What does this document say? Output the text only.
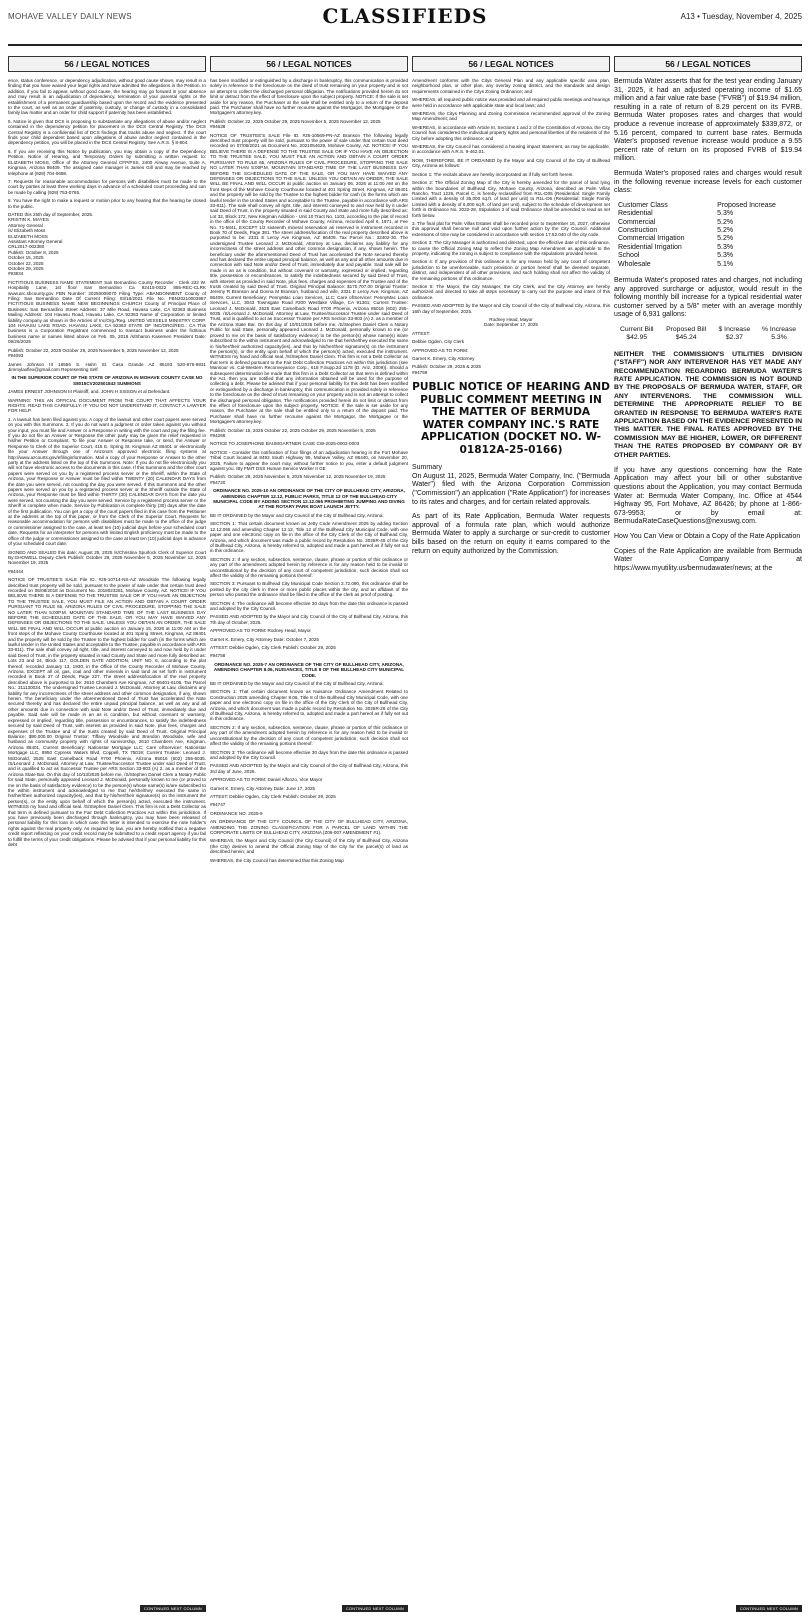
MOHAVE VALLEY DAILY NEWS	CLASSIFIEDS	A13 • Tuesday, November 4, 2025
56 / LEGAL NOTICES

ence, status conference, or dependency adjudication, without good cause shown, may result in a finding that you have waived your legal rights and have admitted the allegations in the Petition. In addition, if you fail to appear, without good cause, the hearing may go forward in your absence and may result in an adjudication of dependency, termination of your parental rights or the establishment of a permanent guardianship based upon the record and the evidence presented to the court, as well as an order of paternity, custody, or change of custody in a consolidated family law matter and an order for child support if paternity has been established.

5. Notice is given that DCS is proposing to substantiate any allegations of abuse and/or neglect contained in the dependency petition for placement in the DCS Central Registry. The DCS Central Registry is a confidential list of DCS findings that tracks abuse and neglect. If the court finds your child dependent based upon allegations of abuse and/or neglect contained in the dependency petition, you will be placed in the DCS Central Registry. See A.R.S. § 8-804.

6. If you are receiving this Notice by publication, you may obtain a copy of the Dependency Petition, Notice of Hearing, and Temporary Orders by submitting a written request to: ELIZABETH MOSS, Office of the Attorney General CFP/PSS, 2400 Airway Avenue, Suite A, Kingman, Arizona 86409. The assigned case manager is James Gill and may be reached by telephone at (928) 704-0688.

7. Requests for reasonable accommodation for persons with disabilities must be made to the court by parties at least three working days in advance of a scheduled court proceeding and can be made by calling (928) 753-0765.

8. You have the right to make a request or motion prior to any hearing that the hearing be closed to the public.

DATED this 25th day of September, 2025.
KRISTIN K. MAYES
Attorney General
/s/ Elizabeth Moss
ELIZABETH MOSS
Assistant Attorney General
CRL2017-002380
Publish: October 8, 2025
October 15, 2025
October 22, 2025
October 29, 2025

#93834

FICTITIOUS BUSINESS NAME STATEMENT San Bernardino County Recorder - Clerk 222 W. Hospitality Lane, 1st floor San Bernardino Ca 92415-0022 855-REC-CLRK www.arc.sbcounty.gov FBN Number: 20250009070 Filing Type: ABANDONMENT County of Filing: San Bernardino Date Of Current Filing: 03/16/2021 File No. FBN20210003987 FICTITIOUS BUSINESS NAME NEW BEGINNINGS CHURCH County of Principal Place of Business: San Bernardino Street Address: 37 Mile Road, Havasu Lake, CA 92363 Business Mailing Address: 104 Havasu Road, Havasu Lake, CA 92363 Name of Corporation or limited liability company as shown in the Articles of Inc/Org./Reg. UNITED VESSELS MINISTRY CORP. 104 HAVASU LAKE ROAD, HAVASU LAKE, CA 92363 STATE OF INC/ORG/REG.: CA This business is a Corporation Registrant commenced to transact business under the fictitious business name or names listed above on Feb. 05, 2016 /s/Sharon Kasemen President Date: 09/26/2025

Publish: October 22, 2025 October 29, 2025 November 5, 2025 November 12, 2025

#94093

James Johnson III 16556 S. Hahn St. Casa Grande AZ 85193 520-876-9831 Jimmylaxflex@gmail.com Representing Self

IN THE SUPERIOR COURT OF THE STATE OF ARIZONA IN MOHAVE COUNTY CASE NO S8015CV202501843 SUMMONS

JAMES ERNEST JOHNSON III Plaintiff, and. JOHN H SISSON et al Defendant.

WARNING: THIS AN OFFICIAL DOCUMENT FROM THE COURT THAT AFFECTS YOUR RIGHTS. READ THIS CAREFULLY. IF YOU DO NOT UNDERSTAND IT, CONTACT A LAWYER FOR HELP.

1. A lawsuit has been filed against you. A copy of the lawsuit and other court papers were served on you with this Summons. 2. If you do not want a judgment or order taken against you without your input, you must file and Answer or a Response in writing with the court and pay the filing fee. If you do not file an Answer or Response the other party may be given the relief requested in his/her Petition or Complaint. To file your Answer or Response take, or send, the Answer or Response to Clerk of the Superior Court, 415 E. Spring St. Kingman AZ 86401 or electronically file your Answer through one of Arizona's approved electronic filing systems at http://www.azcourts.gov/efilinginformation. Mail a copy of your Response or Answer to the other party at the address listed on the top of this Summons. Note: If you do not file electronically you will not have electronic access to the documents in this case. If this Summons and the other court papers were served on you by a registered process server or the Sheriff, within the State of Arizona, your Response or Answer must be filed within TWENTY (20) CALENDAR DAYS from the date you were served, not counting the day you were served. If this Summons and the other papers were served on you by a registered process server or the Sheriff outside the State of Arizona, your Response must be filed within THIRTY (30) CALENDAR DAYS from the date you were served, not counting the day you were served. Service by a registered process server or the Sheriff is complete when made. Service by Publication is complete thirty (30) days after the date of the first publication. You can get a copy of the court papers filed in this case from the Petitioner at the address at the top of this paper, or from the Clerk of the Superior Court. Requests for reasonable accommodation for persons with disabilities must be made to the office of the judge or commissioner assigned to the case, at least ten (10) judicial days before your scheduled court date. Requests for an interpreter for persons with limited English proficiency must be made to the office of the judge or commissioner assigned to the case at least ten (10) judicial days in advance of your scheduled court date.

SIGNED AND SEALED this date: August 25, 2025 /s/Christina Spurlock Clerk of Superior Court By:GHOWELL Deputy Clerk Publish: October 29, 2025 November 5, 2025 November 12, 2025 November 19, 2025

#94444

NOTICE OF TRUSTEE'S SALE File ID. #25-10714-NS-AZ Woodside The following legally described trust property will be sold, pursuant to the power of sale under that certain trust deed recorded on 05/08/2018 as Document No. 2018023281, Mohave County, AZ. NOTICE! IF YOU BELIEVE THERE IS A DEFENSE TO THE TRUSTEE SALE OR IF YOU HAVE AN OBJECTION TO THE TRUSTEE SALE, YOU MUST FILE AN ACTION AND OBTAIN A COURT ORDER PURSUANT TO RULE 65, ARIZONA RULES OF CIVIL PROCEDURE, STOPPING THE SALE NO LATER THAN 5:00P.M. MOUNTAIN STANDARD TIME OF THE LAST BUSINESS DAY BEFORE THE SCHEDULED DATE OF THE SALE, OR YOU MAY HAVE WAIVED ANY DEFENSES OR OBJECTIONS TO THE SALE. UNLESS YOU OBTAIN AN ORDER, THE SALE WILL BE FINAL AND WILL OCCUR at public auction on January 15, 2026 at 11:00 AM on the front steps of the Mohave County Courthouse located at 401 Spring Street, Kingman, AZ 86401 and the property will be sold by the Trustee to the highest bidder for cash (in the forms which are lawful tender in the United States and acceptable to the Trustee, payable in accordance with ARS 33-811). The sale shall convey all right, title, and interest conveyed to and now held by it under said Deed of Trust, in the property situated in said County and State and more fully described as: Lots 23 and 24, Block 117, GOLDEN GATE ADDITION, UNIT NO. 6, according to the plat thereof, recorded January 13, 1930, in the Office of the County Recorder of Mohave County, Arizona. EXCEPT all oil, gas, coal and other minerals in said land as set forth in instrument recorded in Book 37 of Deeds, Page 227. The street address/location of the real property described above is purported to be: 2610 Chambers Ave Kingman, AZ 86401-6106. Tax Parcel No.: 311130034. The undersigned Trustee Leonard J. McDonald, Attorney at Law, disclaims any liability for any incorrectness of the street address and other common designation, if any, shown herein. The beneficiary under the aforementioned Deed of Trust has accelerated the Note secured thereby and has declared the entire unpaid principal balance, as well as any and all other amounts due in connection with said Note and/or Deed of Trust, immediately due and payable. Said sale will be made in an as is condition, but without covenant or warranty, expressed or implied, regarding title, possession or encumbrances, to satisfy the indebtedness secured by said Deed of Trust, with interest as provided in said Note, plus fees, charges and expenses of the Trustee and of the trusts created by said Deed of Trust. Original Principal Balance: $90,000.00 Original Trustor: Tiffany Woodside and Brandon Woodside, wife and husband as community property with rights of survivorship, 2610 Chambers Ave, Kingman, Arizona 86401, Current Beneficiary: Nationstar Mortgage LLC; Care of/Servicer: Nationstar Mortgage LLC, 8950 Cypress Waters Blvd, Coppell, TX 75019; Current Trustee: Leonard J. McDonald, 2525 East Camelback Road #700 Phoenix, Arizona 85016 (602) 255-6035. /S/Leonard J. McDonald, Attorney at Law, Trustee/Successor Trustee under said Deed of Trust, and is qualified to act as Successor Trustee per ARS Section 33-803 (A) 2. as a member of the Arizona State Bar. On this day of 10/13/2025 before me, /S/Stephen Daniel Clem a Notary Public for said State, personally appeared Leonard J. McDonald, personally known to me (or proved to me on the basis of satisfactory evidence) to be the person(s) whose name(s) is/are subscribed to the within instrument and acknowledged to me that he/she/they executed the same in his/her/their authorized capacity(ies), and that by his/her/their signature(s) on the instrument the person(s), or the entity upon behalf of which the person(s) acted, executed the instrument. WITNESS my hand and official seal. /S/Stephen Daniel Clem. This firm is not a Debt Collector as that term is defined pursuant to the Fair Debt Collection Practices Act within this jurisdiction. If you have previously been discharged through bankruptcy, you may have been released of personal liability for this loan in which case this letter is intended to exercise the note holder's rights against the real property only. As required by law, you are hereby notified that a negative credit report reflecting on your credit record may be submitted to a credit report agency if you fail to fulfill the terms of your credit obligations. Please be advised that if your personal liability for this debt

CONTINUED NEXT COLUMN
56 / LEGAL NOTICES

has been modified or extinguished by a discharge in bankruptcy, this communication is provided solely in reference to the foreclosure on the deed of trust remaining on your property and is not an attempt to collect the discharged personal obligation. The notifications provided herein do not limit or detract from the effect of foreclosure upon the subject property. NOTICE: If the sale is set aside for any reason, the Purchaser at the sale shall be entitled only to a return of the deposit paid. The Purchaser shall have no further recourse against the Mortgagor, the Mortgagee or the Mortgagee's attorney.key.

Publish: October 22, 2025 October 29, 2025 November 5, 2025 November 12, 2025

#94638

NOTICE OF TRUSTEE'S SALE File ID. #25-10569-PN-AZ Branson The following legally described trust property will be sold, pursuant to the power of sale under that certain trust deed recorded on 07/06/2021 as Document No. 2021054629, Mohave County, AZ. NOTICE! IF YOU BELIEVE THERE IS A DEFENSE TO THE TRUSTEE SALE OR IF YOU HAVE AN OBJECTION TO THE TRUSTEE SALE, YOU MUST FILE AN ACTION AND OBTAIN A COURT ORDER PURSUANT TO RULE 65, ARIZONA RULES OF CIVIL PROCEDURE, STOPPING THE SALE NO LATER THAN 5:00P.M. MOUNTAIN STANDARD TIME OF THE LAST BUSINESS DAY BEFORE THE SCHEDULED DATE OF THE SALE, OR YOU MAY HAVE WAIVED ANY DEFENSES OR OBJECTIONS TO THE SALE. UNLESS YOU OBTAIN AN ORDER, THE SALE WILL BE FINAL AND WILL OCCUR at public auction on January 06, 2026 at 11:00 AM on the front steps of the Mohave County Courthouse located at 401 Spring Street, Kingman, AZ 86401 and the property will be sold by the Trustee to the highest bidder for cash (in the forms which are lawful tender in the United States and acceptable to the Trustee, payable in accordance with ARS 33-811). The sale shall convey all right, title, and interest conveyed to and now held by it under said Deed of Trust, in the property situated in said County and State and more fully described as: Lot 32, Block 172, New Kingman Addition - Unit 10 Tract No. 1103, according to the plat of record in the office of the County Recorder of Mohave County, Arizona, recorded April 6, 1971, at Fee No. 71-5841, EXCEPT 1/2 sixteenth mineral reservation as reserved in instrument recorded in Book 70 of Deeds, Page 381. The street address/location of the real property described above is purported to be: 2331 E Leroy Ave Kingman, AZ 86409. Tax Parcel No.: 32402-30. The undersigned Trustee Leonard J. McDonald, Attorney at Law, disclaims any liability for any incorrectness of the street address and other common designation, if any, shown herein. The beneficiary under the aforementioned Deed of Trust has accelerated the Note secured thereby and has declared the entire unpaid principal balance, as well as any and all other amounts due in connection with said Note and/or Deed of Trust, immediately due and payable. Said sale will be made in an as is condition, but without covenant or warranty, expressed or implied, regarding title, possession or encumbrances, to satisfy the indebtedness secured by said Deed of Trust, with interest as provided in said Note, plus fees, charges and expenses of the Trustee and of the trusts created by said Deed of Trust. Original Principal Balance: $170,707.00 Original Trustor: Jeremy R Branson and Donna M Branson, husband and wife, 2331 E Leroy Ave, Kingman, AZ 86409. Current Beneficiary: PennyMac Loan Services, LLC; Care of/Servicer: PennyMac Loan Services, LLC, 3043 Townsgate Road #200 Westlake Village, CA 91361; Current Trustee: Leonard J. McDonald, 2525 East Camelback Road #700 Phoenix, Arizona 85016 (602) 255-6035. /S/Leonard J. McDonald, Attorney at Law, Trustee/Successor Trustee under said Deed of Trust, and is qualified to act as Successor Trustee per ARS Section 33-803 (A) 2. as a member of the Arizona State Bar. On this day of 10/01/2025 before me, /S/Stephen Daniel Clem a Notary Public for said State, personally appeared Leonard J. McDonald, personally known to me (or proved to me on the basis of satisfactory evidence) to be the person(s) whose name(s) is/are subscribed to the within instrument and acknowledged to me that he/she/they executed the same in his/her/their authorized capacity(ies), and that by his/her/their signature(s) on the instrument the person(s), or the entity upon behalf of which the person(s) acted, executed the instrument. WITNESS my hand and official seal. /S/Stephen Daniel Clem. This firm is not a Debt Collector as that term is defined pursuant to the Fair Debt Collection Practices Act within this jurisdiction (see Mansour vs. Cal-Western Reconveyance Corp., 618 F.Supp.2d 1178 (D. Ariz. 2009)). Should a subsequent determination be made that this firm is a Debt Collector as that term is defined within the Act, then you are notified that any information obtained will be used for the purpose of collecting a debt. Please be advised that if your personal liability for this debt has been modified or extinguished by a discharge in bankruptcy, this communication is provided solely in reference to the foreclosure on the deed of trust remaining on your property and is not an attempt to collect the discharged personal obligation. The notifications provided herein do not limit or detract from the effect of foreclosure upon the subject property. NOTICE: If the sale is set aside for any reason, the Purchaser at the sale shall be entitled only to a return of the deposit paid. The Purchaser shall have no further recourse against the Mortgagor, the Mortgagee or the Mortgagee's attorney.key.

Publish: October 15, 2025 October 22, 2025 October 29, 2025 November 5, 2025

#94266

NOTICE TO JOSEPHONE BAUMGARTNER CASE CW-2025-0002-0003

NOTICE - Consider this notification of four filings of an adjudication hearing in the Fort Mohave Tribal Court located at 8492 South Highway 95, Mohave Valley, AZ 86440, on November 20, 2025. Failure to appear the court may, without further notice to you, enter a default judgment against you. /By FMIT DSS Human Service Worker II GE

Publish: October 29, 2025 November 5, 2025 November 12, 2025 November 19, 2025

#94720

ORDINANCE NO. 2025-10 AN ORDINANCE OF THE CITY OF BULLHEAD CITY, ARIZONA, AMENDING CHAPTER 12.12, PUBLIC PARKS, TITLE 12 OF THE BULLHEAD CITY MUNICIPAL CODE BY ADDING SECTION 12.12.065 PROHIBITING JUMPING AND DIVING AT THE ROTARY PARK BOAT LAUNCH JETTY.

BE IT ORDAINED by the Mayor and City Council of the City of Bullhead City, Arizona:

SECTION 1: That certain document known as Jetty Code Amendment 2025 by adding Section 12.12.065 and amending Chapter 12.12, Title 12 of the Bullhead City Municipal Code, with one paper and one electronic copy on file in the office of the City Clerk of the City of Bullhead City, Arizona, and which document was made a public record by Resolution No. 2025R-45 of the City of Bullhead City, Arizona, is hereby referred to, adopted and made a part hereof as if fully set out in this ordinance.

SECTION 2: If any section, subsection, sentence, clause, phrase or portion of this ordinance or any part of the amendment adopted herein by reference is for any reason held to be invalid or unconstitutional by the decision of any court of competent jurisdiction, such decision shall not affect the validity of the remaining portions thereof.

SECTION 3: Pursuant to Bullhead City Municipal Code Section 2.72.090, this ordinance shall be posted by the city clerk in three or more public places within the city, and an affidavit of the person who posted the ordinance shall be filed in the office of the clerk as proof of posting.

SECTION 4: The ordinance will become effective 30 days from the date this ordinance is passed and adopted by the City Council.

PASSED AND ADOPTED by the Mayor and City Council of the City of Bullhead City, Arizona, this 7th day of October, 2025.

APPROVED AS TO FORM: Rodney Head, Mayor

Garnet K. Emery, City Attorney Date: October 7, 2025

ATTEST: Debbie Ogden, City Clerk Publish: October 29, 2025

#94758

ORDINANCE NO. 2025-7 AN ORDINANCE OF THE CITY OF BULLHEAD CITY, ARIZONA, AMENDING CHAPTER 8.06, NUISANCES, TITLE 8 OF THE BULLHEAD CITY MUNICIPAL CODE.

BE IT ORDAINED by the Mayor and City Council of the City of Bullhead City, Arizona:

SECTION 1: That certain document known as Nuisance Ordinance Amendment Related to Construction 2025 amending Chapter 8.06, Title 8 of the Bullhead City Municipal Code, with one paper and one electronic copy on file in the office of the City Clerk of the City of Bullhead City, Arizona, and which document was made a public record by Resolution No. 2025R-26 of the City of Bullhead City, Arizona, is hereby referred to, adopted and made a part hereof as if fully set out in this ordinance.

SECTION 2: If any section, subsection, sentence, clause, phrase or portion of this ordinance or any part of the amendment adopted herein by reference is for any reason held to be invalid or unconstitutional by the decision of any court of competent jurisdiction, such decision shall not affect the validity of the remaining portions thereof.

SECTION 3: The ordinance will become effective 30 days from the date this ordinance is passed and adopted by the City Council.

PASSED AND ADOPTED by the Mayor and City Council of the City of Bullhead City, Arizona, this 3rd day of June, 2025.

APPROVED AS TO FORM: Daniel Alfonzo, Vice Mayor

Garnet K. Emery, City Attorney Date: June 17, 2025

ATTEST: Debbie Ogden, City Clerk Publish: October 29, 2025

#94747

ORDINANCE NO. 2025-9

AN ORDINANCE OF THE CITY COUNCIL OF THE CITY OF BULLHEAD CITY, ARIZONA, AMENDING THE ZONING CLASSIFICATION FOR A PARCEL OF LAND WITHIN THE CORPORATE LIMITS OF BULLHEAD CITY, ARIZONA (Z06-007 AMENDMENT #1).

WHEREAS, the Mayor and City Council (the City Council) of the City of Bullhead City, Arizona (the City) desires to amend the Official Zoning Map of the City for the parcel(s) of land as described herein; and

WHEREAS, the City Council has determined that this Zoning Map

CONTINUED NEXT COLUMN
56 / LEGAL NOTICES

Amendment conforms with the Citys General Plan and any applicable specific area plan, neighborhood plan, or other plan, any overlay zoning district, and the standards and design requirements contained in the Citys Zoning Ordinance; and

WHEREAS, all required public notice was provided and all required public meetings and hearings were held in accordance with applicable state and local laws; and

WHEREAS, the Citys Planning and Zoning Commission recommended approval of the Zoning Map Amendment; and

WHEREAS, in accordance with Article III, Sections 1 and 2 of the Constitution of Arizona, the City Council has considered the individual property rights and personal liberties of the residents of the City before adopting this ordinance; and

WHEREAS, the City Council has considered a housing impact statement, as may be applicable, in accordance with A.R.S. 9-462.01.

NOW, THEREFORE, BE IT ORDAINED by the Mayor and City Council of the City of Bullhead City, Arizona as follows:

Section 1: The recitals above are hereby incorporated as if fully set forth herein.

Section 2: The Official Zoning Map of the City is hereby amended for the parcel of land lying within the boundaries of Bullhead City, Mohave County, Arizona, described as Palm Villas Rancho, Tract 1226, Parcel C, is hereby reclassified from R1L-D05 (Residential: Single Family Limited with a density of 35,000 sq.ft. of land per unit) to R1L-D6 (Residential: Single Family Limited with a density of 6,000 sq.ft. of land per unit), subject to the schedule of development set forth in Ordinance No. 2022-28, Stipulation 3 of said Ordinance shall be amended to read as set forth below.

3. The final plat for Palm Villas Estates shall be recorded prior to September 16, 2027, otherwise this approval shall become null and void upon further action by the City Council. Additional extensions of time may be considered in accordance with section 17.52.040 of the city code.

Section 3: The City Manager is authorized and directed, upon the effective date of this ordinance, to cause the Official Zoning Map to reflect the Zoning Map Amendment as applicable to the property, indicating the zoning is subject to compliance with the stipulations provided herein.

Section 4: If any provision of this ordinance is for any reason held by any court of competent jurisdiction to be unenforceable, such provision or portion hereof shall be deemed separate, distinct, and independent of all other provisions, and such holding shall not affect the validity of the remaining portions of this ordinance.

Section 5: The Mayor, the City Manager, the City Clerk, and the City Attorney are hereby authorized and directed to take all steps necessary to carry out the purpose and intent of this ordinance.

PASSED AND ADOPTED by the Mayor and City Council of the City of Bullhead City, Arizona, this 16th day of September, 2025.

Rodney Head, Mayor
Date: September 17, 2025

ATTEST:

Debbie Ogden, City Clerk

APPROVED AS TO FORM:

Garnet K. Emery, City Attorney

Publish: October 29, 2025 & 2025

#94759

PUBLIC NOTICE OF HEARING AND PUBLIC COMMENT MEETING IN THE MATTER OF BERMUDA WATER COMPANY INC.'S RATE APPLICATION (DOCKET NO. W-01812A-25-0166)
Summary

On August 11, 2025, Bermuda Water Company, Inc. ("Bermuda Water") filed with the Arizona Corporation Commission ("Commission") an application ("Rate Application") for increases to its rates and charges, and for certain related approvals.

As part of its Rate Application, Bermuda Water requests approval of a formula rate plan, which would authorize Bermuda Water to apply a surcharge or sur-credit to customer bills based on the return on equity it earns compared to the return on equity authorized by the Commission.

56 / LEGAL NOTICES

Bermuda Water asserts that for the test year ending January 31, 2025, it had an adjusted operating income of $1.65 million and a fair value rate base ("FVRB") of $19.94 million, resulting in a rate of return of 8.29 percent on its FVRB. Bermuda Water proposes rates and charges that would produce a revenue increase of approximately $339,872, or 5.16 percent, compared to current base rates. Bermuda Water's proposed revenue increase would produce a 9.55 percent rate of return on its proposed FVRB of $19.94 million.

Bermuda Water's proposed rates and charges would result in the following revenue increase levels for each customer class:

Customer Class	Proposed Increase
Residential	5.3%
Commercial	5.2%
Construction	5.2%
Commercial Irrigation	5.2%
Residential Irrigation	5.3%
School	5.3%
Wholesale	5.1%

Bermuda Water's proposed rates and charges, not including any approved surcharge or adjustor, would result in the following monthly bill increase for a typical residential water customer served by a 5/8" meter with an average monthly usage of 6,931 gallons:

Current Bill	Proposed Bill	$ Increase	% Increase
$42.95	$45.24	$2.37	5.3%

NEITHER THE COMMISSION'S UTILITIES DIVISION ("STAFF") NOR ANY INTERVENOR HAS YET MADE ANY RECOMMENDATION REGARDING BERMUDA WATER'S RATE APPLICATION. THE COMMISSION IS NOT BOUND BY THE PROPOSALS OF BERMUDA WATER, STAFF, OR ANY INTERVENORS. THE COMMISSION WILL DETERMINE THE APPROPRIATE RELIEF TO BE GRANTED IN RESPONSE TO BERMUDA WATER'S RATE APPLICATION BASED ON THE EVIDENCE PRESENTED IN THIS MATTER. THE FINAL RATES APPROVED BY THE COMMISSION MAY BE HIGHER, LOWER, OR DIFFERENT THAN THE RATES PROPOSED BY COMPANY OR BY OTHER PARTIES.

If you have any questions concerning how the Rate Application may affect your bill or other substantive questions about the Application, you may contact Bermuda Water at: Bermuda Water Company, Inc. Office at 4544 Highway 95, Fort Mohave, AZ 86426; by phone at 1-866-673-9953; or by email at: BermudaRateCaseQuestions@nexuswg.com.

How You Can View or Obtain a Copy of the Rate Application

Copies of the Rate Application are available from Bermuda Water Company at https://www.myutility.us/bermudawater/news; at the

CONTINUED NEXT COLUMN
